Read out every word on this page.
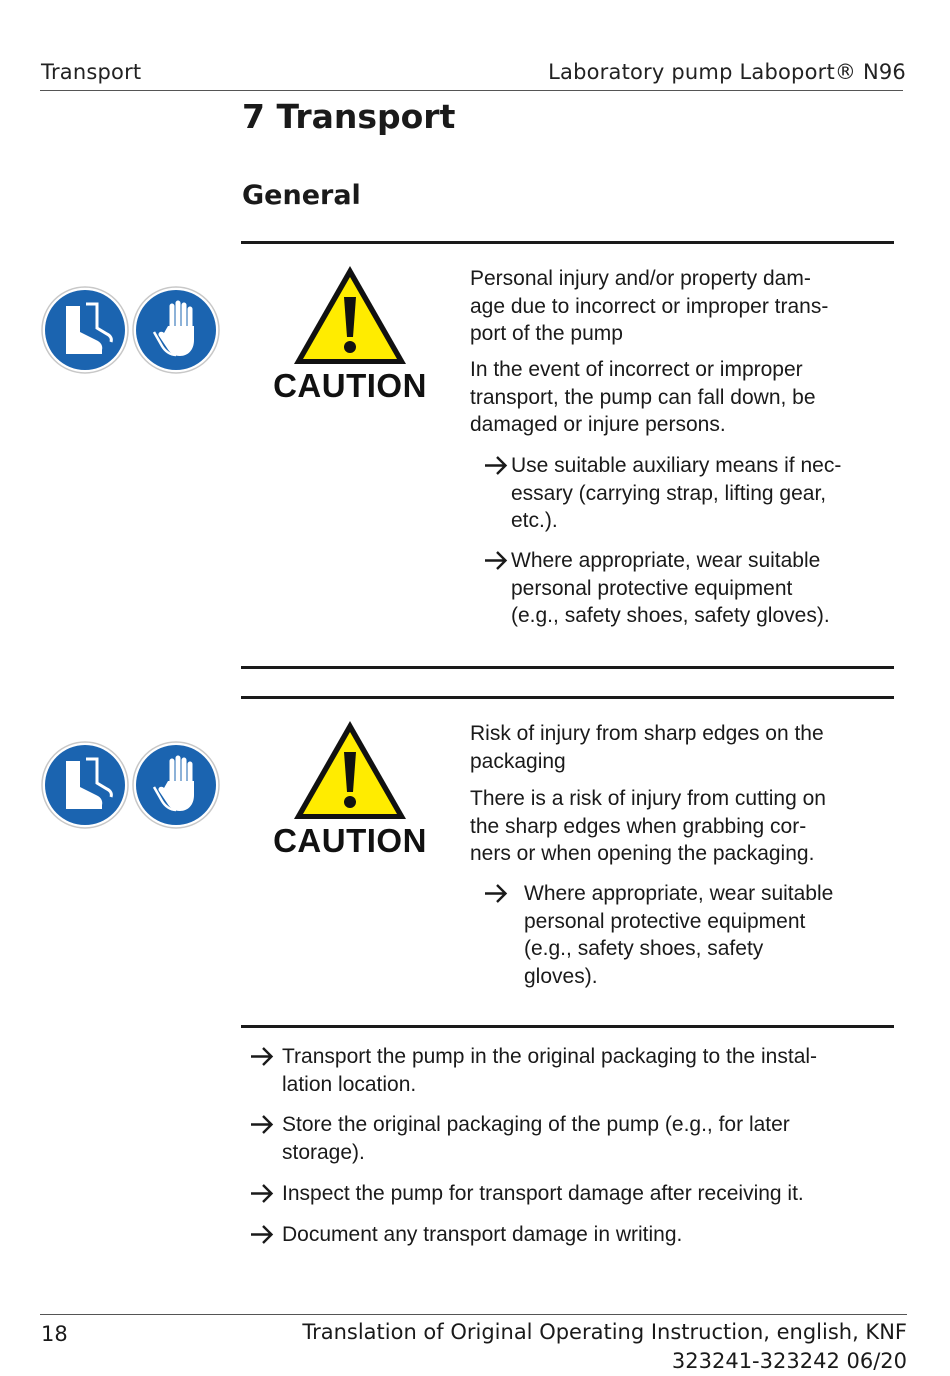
Transport	Laboratory pump Laboport® N96
7 Transport
General
CAUTION
Personal injury and/or property dam-
age due to incorrect or improper trans-
port of the pump
In the event of incorrect or improper
transport, the pump can fall down, be
damaged or injure persons.
Use suitable auxiliary means if nec-
essary (carrying strap, lifting gear,
etc.).
Where appropriate, wear suitable
personal protective equipment
(e.g., safety shoes, safety gloves).
CAUTION
Risk of injury from sharp edges on the
packaging
There is a risk of injury from cutting on
the sharp edges when grabbing cor-
ners or when opening the packaging.
Where appropriate, wear suitable
personal protective equipment
(e.g., safety shoes, safety
gloves).
Transport the pump in the original packaging to the instal-
lation location.
Store the original packaging of the pump (e.g., for later
storage).
Inspect the pump for transport damage after receiving it.
Document any transport damage in writing.
18	Translation of Original Operating Instruction, english, KNF
323241-323242 06/20
